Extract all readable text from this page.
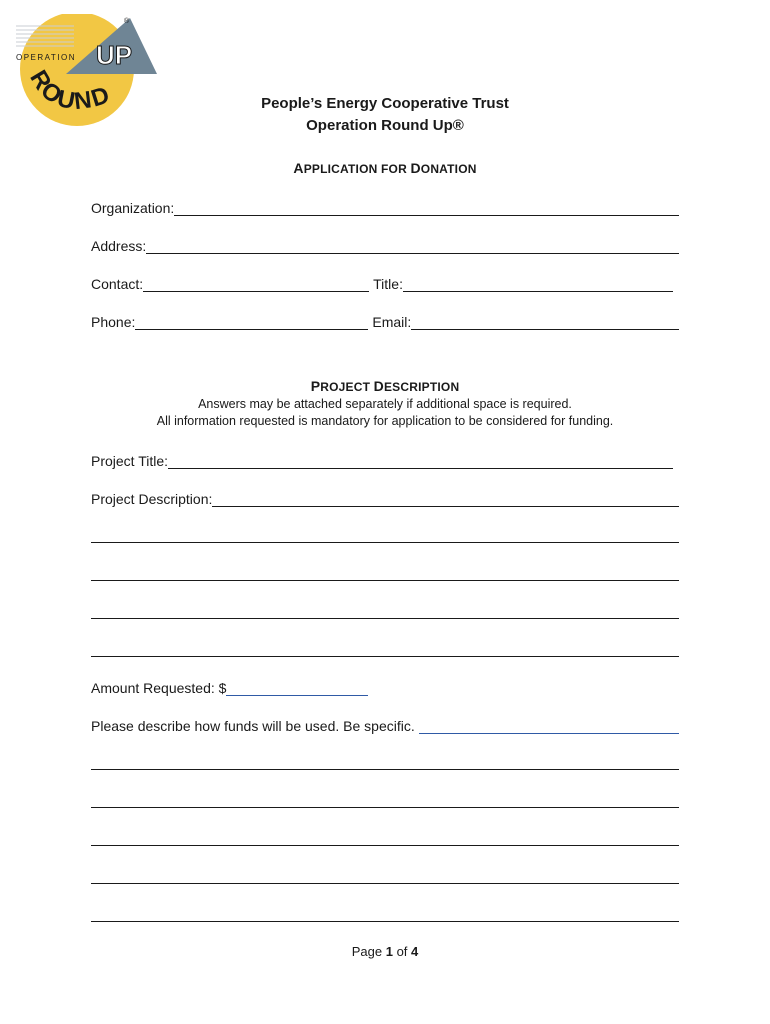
UP
OPERATION
ROUND
®
People’s Energy Cooperative Trust
Operation Round Up®
APPLICATION FOR DONATION
Organization:
Address:
Contact:	Title:
Phone:	Email:
PROJECT DESCRIPTION
Answers may be attached separately if additional space is required.
All information requested is mandatory for application to be considered for funding.
Project Title:
Project Description:
Amount Requested: $
Please describe how funds will be used. Be specific.
Page 1 of 4
